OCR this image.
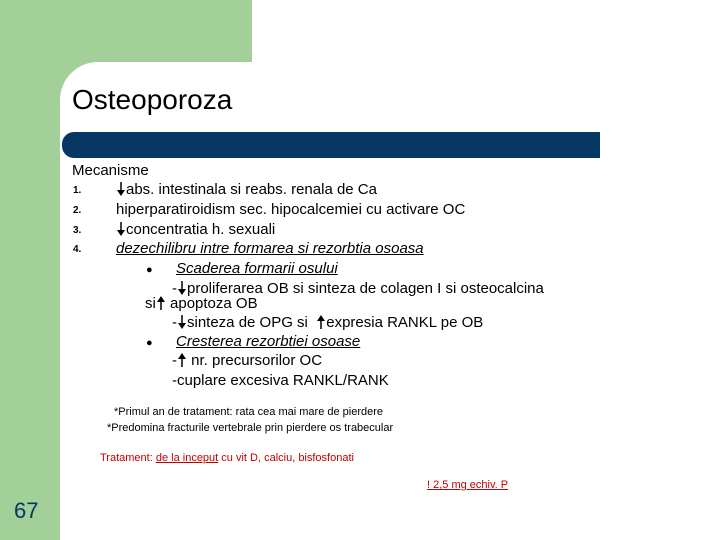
Osteoporoza
Mecanisme
1.	abs. intestinala si reabs. renala de Ca
2. hiperparatiroidism sec. hipocalcemiei cu activare OC
3.	concentratia h. sexuali
4. dezechilibru intre formarea si rezorbtia osoasa
● Scaderea formarii osului
- proliferarea OB si sinteza de colagen I si osteocalcina
si apoptoza OB
- sinteza de OPG si expresia RANKL pe OB
● Cresterea rezorbtiei osoase
- nr. precursorilor OC
-cuplare excesiva RANKL/RANK
*Primul an de tratament: rata cea mai mare de pierdere
*Predomina fracturile vertebrale prin pierdere os trabecular
Tratament: de la inceput cu vit D, calciu, bisfosfonati
! 2,5 mg echiv. P
67
